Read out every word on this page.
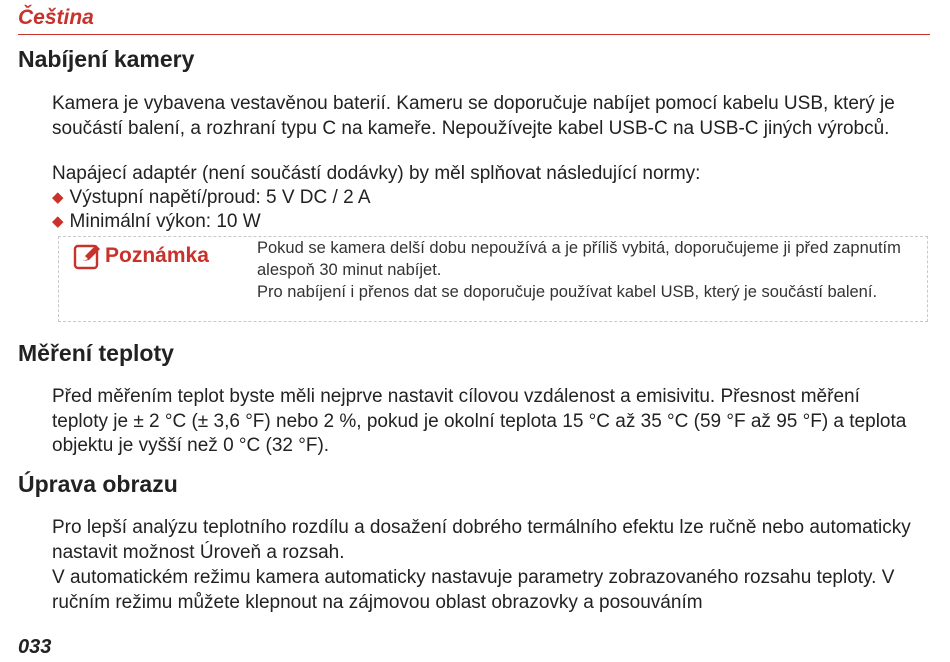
Čeština
Nabíjení kamery
Kamera je vybavena vestavěnou baterií. Kameru se doporučuje nabíjet pomocí kabelu USB, který je součástí balení, a rozhraní typu C na kameře. Nepoužívejte kabel USB-C na USB-C jiných výrobců.
Napájecí adaptér (není součástí dodávky) by měl splňovat následující normy:
◆ Výstupní napětí/proud: 5 V DC / 2 A
◆ Minimální výkon: 10 W
Poznámka	Pokud se kamera delší dobu nepoužívá a je příliš vybitá, doporučujeme ji před zapnutím alespoň 30 minut nabíjet.
Pro nabíjení i přenos dat se doporučuje používat kabel USB, který je součástí balení.
Měření teploty
Před měřením teplot byste měli nejprve nastavit cílovou vzdálenost a emisivitu. Přesnost měření teploty je ± 2 °C (± 3,6 °F) nebo 2 %, pokud je okolní teplota 15 °C až 35 °C (59 °F až 95 °F) a teplota objektu je vyšší než 0 °C (32 °F).
Úprava obrazu
Pro lepší analýzu teplotního rozdílu a dosažení dobrého termálního efektu lze ručně nebo automaticky nastavit možnost Úroveň a rozsah.
V automatickém režimu kamera automaticky nastavuje parametry zobrazovaného rozsahu teploty. V ručním režimu můžete klepnout na zájmovou oblast obrazovky a posouváním
033
